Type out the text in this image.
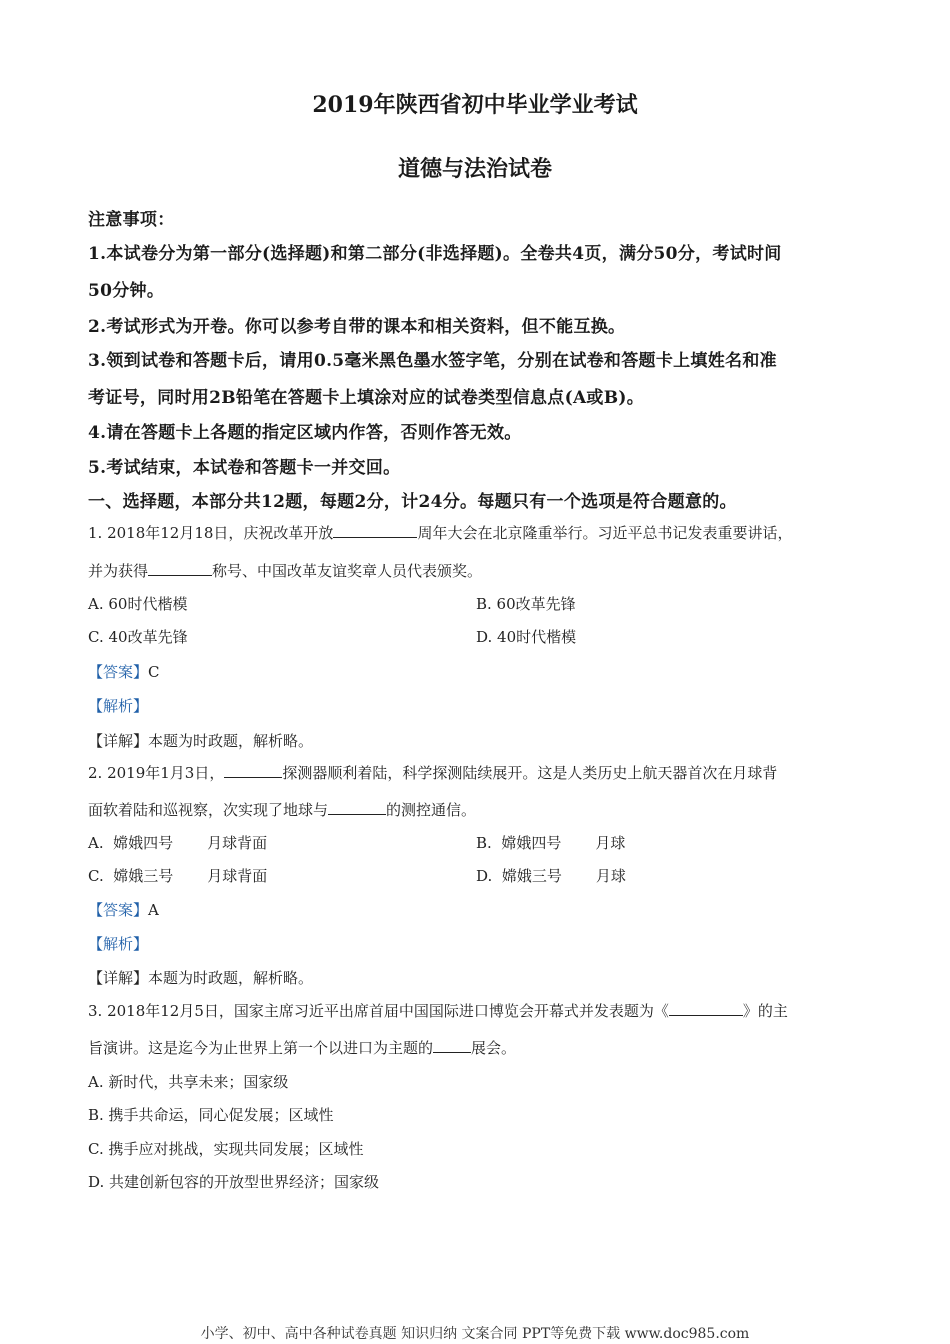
2019年陕西省初中毕业学业考试
道德与法治试卷
注意事项：
1.本试卷分为第一部分(选择题)和第二部分(非选择题)。全卷共4页，满分50分，考试时间
50分钟。
2.考试形式为开卷。你可以参考自带的课本和相关资料，但不能互换。
3.领到试卷和答题卡后，请用0.5毫米黑色墨水签字笔，分别在试卷和答题卡上填姓名和准
考证号，同时用2B铅笔在答题卡上填涂对应的试卷类型信息点(A或B)。
4.请在答题卡上各题的指定区域内作答，否则作答无效。
5.考试结束，本试卷和答题卡一并交回。
一、选择题，本部分共12题，每题2分，计24分。每题只有一个选项是符合题意的。
1. 2018年12月18日，庆祝改革开放	周年大会在北京隆重举行。习近平总书记发表重要讲话，
并为获得	称号、中国改革友谊奖章人员代表颁奖。
A. 60时代楷模	B. 60改革先锋
C. 40改革先锋	D. 40时代楷模
【答案】C
【解析】
【详解】本题为时政题，解析略。
2. 2019年1月3日，	探测器顺利着陆，科学探测陆续展开。这是人类历史上航天器首次在月球背
面软着陆和巡视察，次实现了地球与	的测控通信。
A. 嫦娥四号 月球背面	B. 嫦娥四号 月球
C. 嫦娥三号 月球背面	D. 嫦娥三号 月球
【答案】A
【解析】
【详解】本题为时政题，解析略。
3. 2018年12月5日，国家主席习近平出席首届中国国际进口博览会开幕式并发表题为《	》的主
旨演讲。这是迄今为止世界上第一个以进口为主题的	展会。
A. 新时代，共享未来；国家级
B. 携手共命运，同心促发展；区域性
C. 携手应对挑战，实现共同发展；区域性
D. 共建创新包容的开放型世界经济；国家级
小学、初中、高中各种试卷真题 知识归纳 文案合同 PPT等免费下载 www.doc985.com
